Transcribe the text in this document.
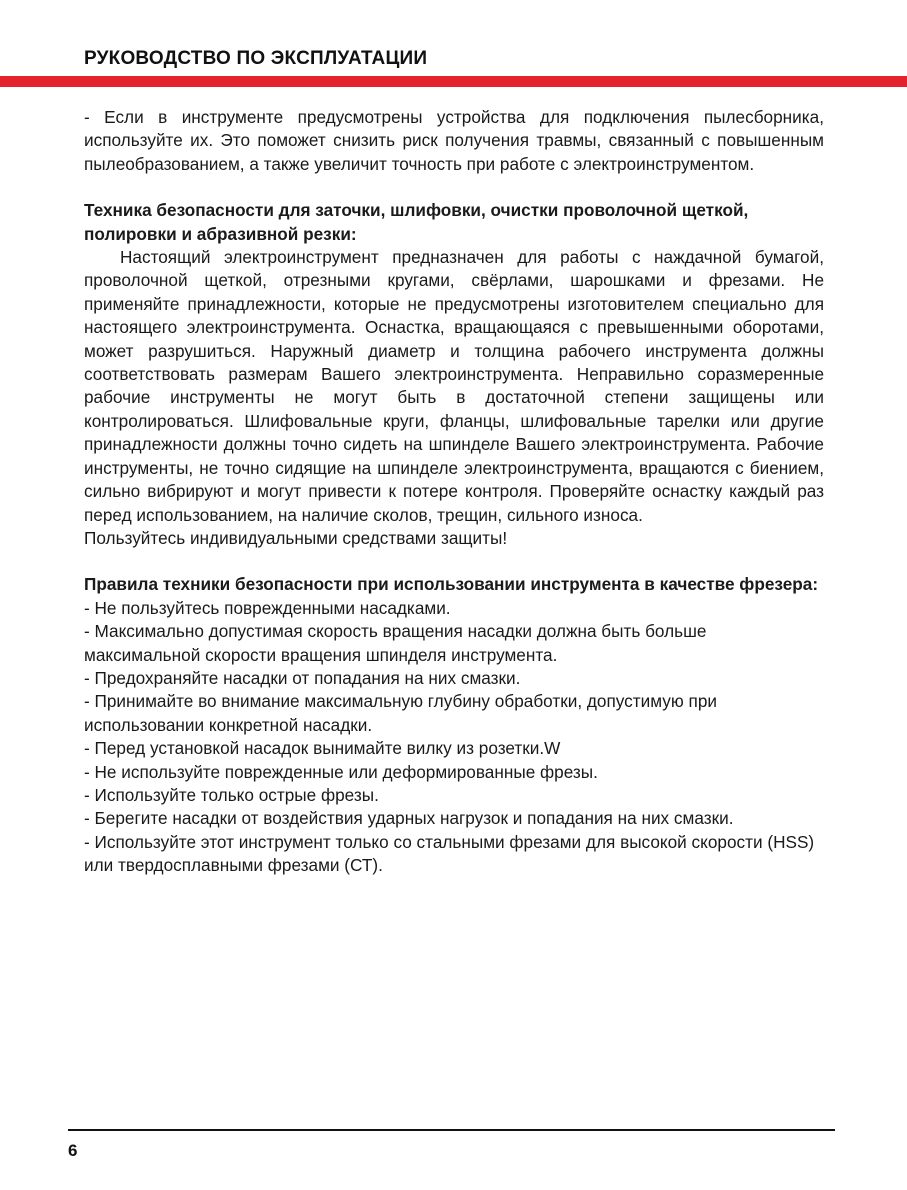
РУКОВОДСТВО ПО ЭКСПЛУАТАЦИИ

- Если в инструменте предусмотрены устройства для подключения пылесборника, используйте их. Это поможет снизить риск получения травмы, связанный с повышенным пылеобразованием, а также увеличит точность при работе с электроинструментом.

Техника безопасности для заточки, шлифовки, очистки проволочной щеткой, полировки и абразивной резки:

Настоящий электроинструмент предназначен для работы с наждачной бумагой, проволочной щеткой, отрезными кругами, свёрлами, шарошками и фрезами. Не применяйте принадлежности, которые не предусмотрены изготовителем специально для настоящего электроинструмента. Оснастка, вращающаяся с превышенными оборотами, может разрушиться. Наружный диаметр и толщина рабочего инструмента должны соответствовать размерам Вашего электроинструмента. Неправильно соразмеренные рабочие инструменты не могут быть в достаточной степени защищены или контролироваться. Шлифовальные круги, фланцы, шлифовальные тарелки или другие принадлежности должны точно сидеть на шпинделе Вашего электроинструмента. Рабочие инструменты, не точно сидящие на шпинделе электроинструмента, вращаются с биением, сильно вибрируют и могут привести к потере контроля. Проверяйте оснастку каждый раз перед использованием, на наличие сколов, трещин, сильного износа.

Пользуйтесь индивидуальными средствами защиты!

Правила техники безопасности при использовании инструмента в качестве фрезера:

- Не пользуйтесь поврежденными насадками.

- Максимально допустимая скорость вращения насадки должна быть больше максимальной скорости вращения шпинделя инструмента.

- Предохраняйте насадки от попадания на них смазки.

- Принимайте во внимание максимальную глубину обработки, допустимую при использовании конкретной насадки.

- Перед установкой насадок вынимайте вилку из розетки.W

- Не используйте поврежденные или деформированные фрезы.

- Используйте только острые фрезы.

- Берегите насадки от воздействия ударных нагрузок и попадания на них смазки.

- Используйте этот инструмент только со стальными фрезами для высокой скорости (HSS) или твердосплавными фрезами (СТ).

6
